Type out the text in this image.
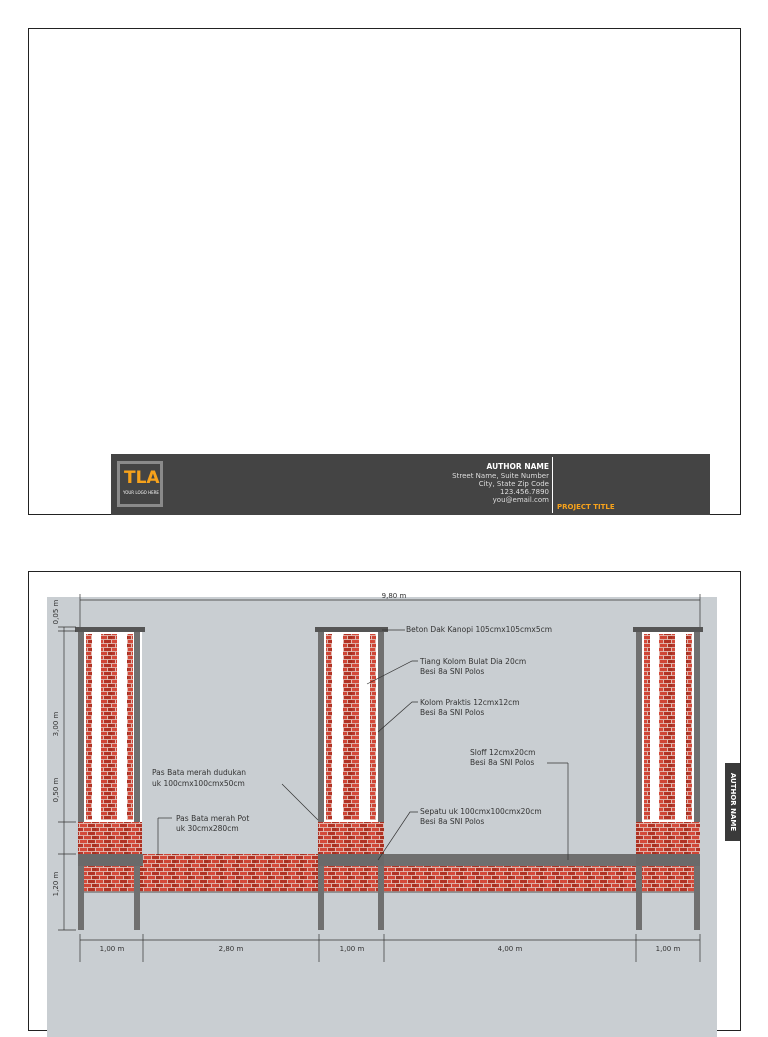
TLA
YOUR LOGO HERE
AUTHOR NAME
Street Name, Suite Number
City, State Zip Code
123.456.7890
you@email.com
PROJECT TITLE
AUTHOR NAME
9,80 m
0,05 m
3,00 m
0,50 m
1,20 m
1,00 m	2,80 m	1,00 m	4,00 m	1,00 m
Beton Dak Kanopi 105cmx105cmx5cm
Tiang Kolom Bulat Dia 20cm
Besi 8a SNI Polos
Kolom Praktis 12cmx12cm
Besi 8a SNI Polos
Sloff 12cmx20cm
Besi 8a SNI Polos
Pas Bata merah dudukan
uk 100cmx100cmx50cm
Pas Bata merah Pot
uk 30cmx280cm
Sepatu uk 100cmx100cmx20cm
Besi 8a SNI Polos
